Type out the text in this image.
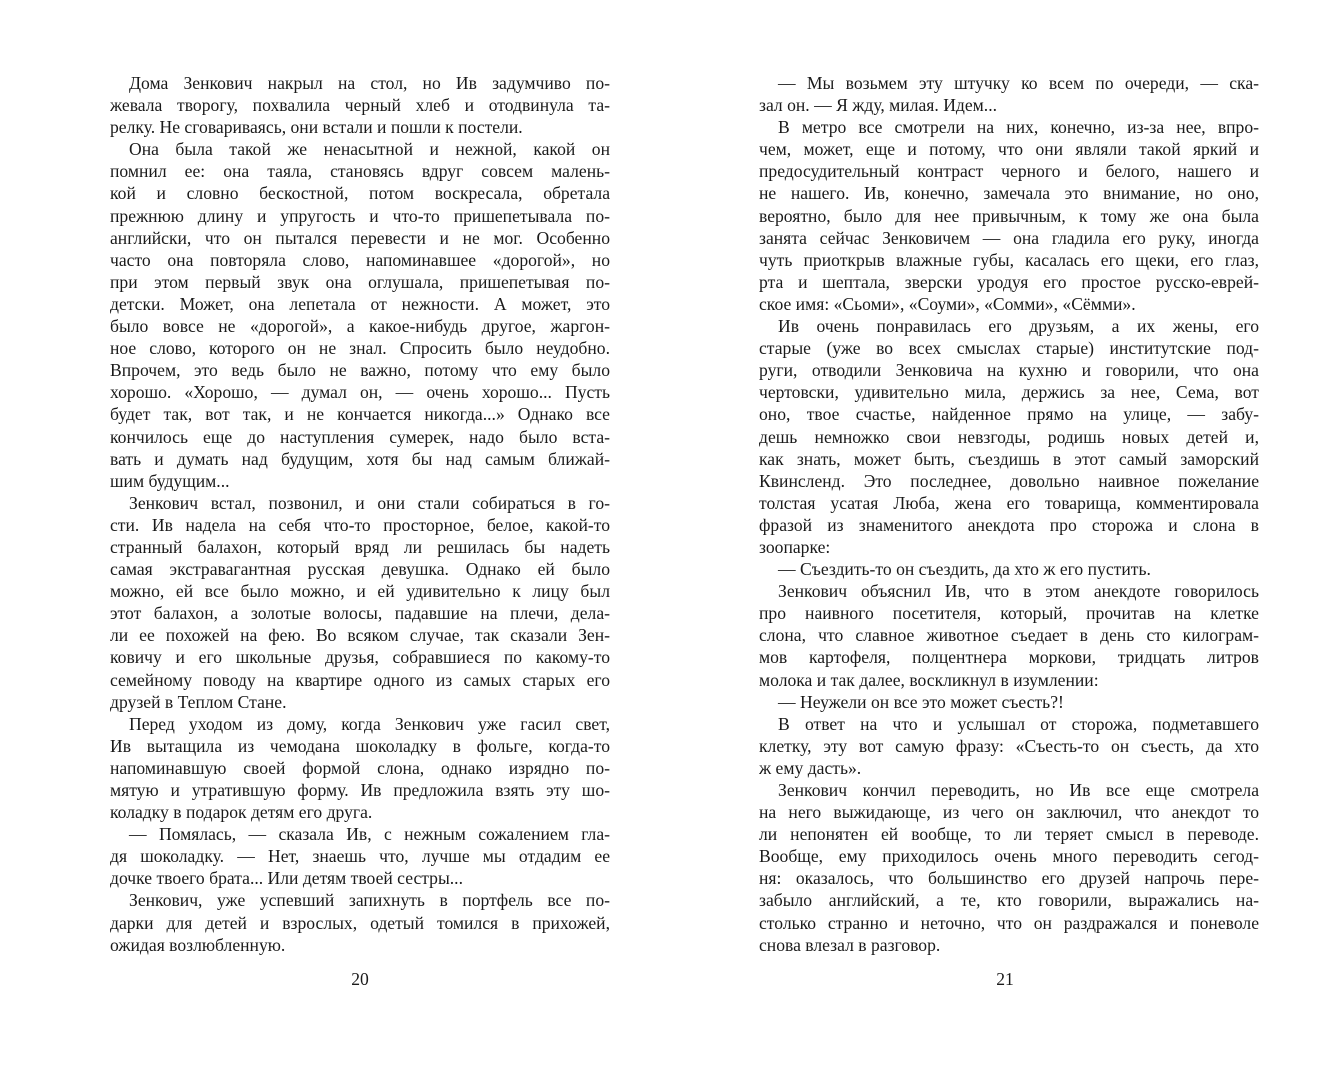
Дома Зенкович накрыл на стол, но Ив задумчиво по-
жевала творогу, похвалила черный хлеб и отодвинула та-
релку. Не сговариваясь, они встали и пошли к постели.
Она была такой же ненасытной и нежной, какой он
помнил ее: она таяла, становясь вдруг совсем малень-
кой и словно бескостной, потом воскресала, обретала
прежнюю длину и упругость и что-то пришепетывала по-
английски, что он пытался перевести и не мог. Особенно
часто она повторяла слово, напоминавшее «дорогой», но
при этом первый звук она оглушала, пришепетывая по-
детски. Может, она лепетала от нежности. А может, это
было вовсе не «дорогой», а какое-нибудь другое, жаргон-
ное слово, которого он не знал. Спросить было неудобно.
Впрочем, это ведь было не важно, потому что ему было
хорошо. «Хорошо, — думал он, — очень хорошо... Пусть
будет так, вот так, и не кончается никогда...» Однако все
кончилось еще до наступления сумерек, надо было вста-
вать и думать над будущим, хотя бы над самым ближай-
шим будущим...
Зенкович встал, позвонил, и они стали собираться в го-
сти. Ив надела на себя что-то просторное, белое, какой-то
странный балахон, который вряд ли решилась бы надеть
самая экстравагантная русская девушка. Однако ей было
можно, ей все было можно, и ей удивительно к лицу был
этот балахон, а золотые волосы, падавшие на плечи, дела-
ли ее похожей на фею. Во всяком случае, так сказали Зен-
ковичу и его школьные друзья, собравшиеся по какому-то
семейному поводу на квартире одного из самых старых его
друзей в Теплом Стане.
Перед уходом из дому, когда Зенкович уже гасил свет,
Ив вытащила из чемодана шоколадку в фольге, когда-то
напоминавшую своей формой слона, однако изрядно по-
мятую и утратившую форму. Ив предложила взять эту шо-
коладку в подарок детям его друга.
— Помялась, — сказала Ив, с нежным сожалением гла-
дя шоколадку. — Нет, знаешь что, лучше мы отдадим ее
дочке твоего брата... Или детям твоей сестры...
Зенкович, уже успевший запихнуть в портфель все по-
дарки для детей и взрослых, одетый томился в прихожей,
ожидая возлюбленную.
— Мы возьмем эту штучку ко всем по очереди, — ска-
зал он. — Я жду, милая. Идем...
В метро все смотрели на них, конечно, из-за нее, впро-
чем, может, еще и потому, что они являли такой яркий и
предосудительный контраст черного и белого, нашего и
не нашего. Ив, конечно, замечала это внимание, но оно,
вероятно, было для нее привычным, к тому же она была
занята сейчас Зенковичем — она гладила его руку, иногда
чуть приоткрыв влажные губы, касалась его щеки, его глаз,
рта и шептала, зверски уродуя его простое русско-еврей-
ское имя: «Сьоми», «Соуми», «Сомми», «Сёмми».
Ив очень понравилась его друзьям, а их жены, его
старые (уже во всех смыслах старые) институтские под-
руги, отводили Зенковича на кухню и говорили, что она
чертовски, удивительно мила, держись за нее, Сема, вот
оно, твое счастье, найденное прямо на улице, — забу-
дешь немножко свои невзгоды, родишь новых детей и,
как знать, может быть, съездишь в этот самый заморский
Квинсленд. Это последнее, довольно наивное пожелание
толстая усатая Люба, жена его товарища, комментировала
фразой из знаменитого анекдота про сторожа и слона в
зоопарке:
— Съездить-то он съездить, да хто ж его пустить.
Зенкович объяснил Ив, что в этом анекдоте говорилось
про наивного посетителя, который, прочитав на клетке
слона, что славное животное съедает в день сто килограм-
мов картофеля, полцентнера моркови, тридцать литров
молока и так далее, воскликнул в изумлении:
— Неужели он все это может съесть?!
В ответ на что и услышал от сторожа, подметавшего
клетку, эту вот самую фразу: «Съесть-то он съесть, да хто
ж ему дасть».
Зенкович кончил переводить, но Ив все еще смотрела
на него выжидающе, из чего он заключил, что анекдот то
ли непонятен ей вообще, то ли теряет смысл в переводе.
Вообще, ему приходилось очень много переводить сегод-
ня: оказалось, что большинство его друзей напрочь пере-
забыло английский, а те, кто говорили, выражались на-
столько странно и неточно, что он раздражался и поневоле
снова влезал в разговор.
20	21
